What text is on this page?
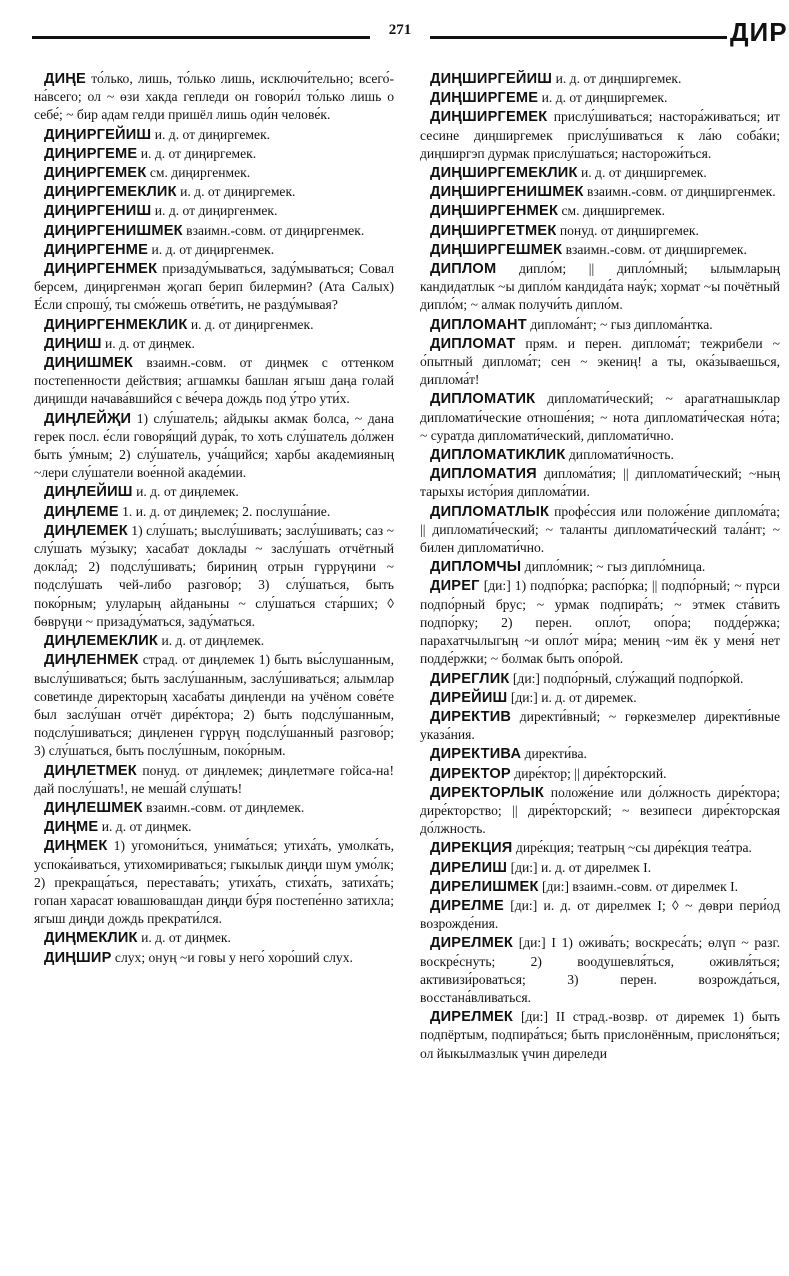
271	ДИР

ДИҢЕ то́лько, лишь, то́лько лишь, исключи́тельно; всего́-на́всего; ол ~ өзи хакда гепледи он говори́л то́лько лишь о себе́; ~ бир адам гелди пришёл лишь оди́н челове́к.

ДИҢИРГЕЙИШ и. д. от диңиргемек.

ДИҢИРГЕМЕ и. д. от диңиргемек.

ДИҢИРГЕМЕК см. диңиргенмек.

ДИҢИРГЕМЕКЛИК и. д. от диңиргемек.

ДИҢИРГЕНИШ и. д. от диңиргенмек.

ДИҢИРГЕНИШМЕК взаимн.-совм. от диңиргенмек.

ДИҢИРГЕНМЕ и. д. от диңиргенмек.

ДИҢИРГЕНМЕК призаду́мываться, заду́мываться; Совал берсем, диңиргенмән җогап берип билермин? (Ата Салых) Е́сли спрошу́, ты смо́жешь отве́тить, не разду́мывая?

ДИҢИРГЕНМЕКЛИК и. д. от диңиргенмек.

ДИҢИШ и. д. от диңмек.

ДИҢИШМЕК взаимн.-совм. от диңмек с оттенком постепенности действия; агшамкы башлан ягыш даңа голай диңишди начава́вшийся с ве́чера дождь под у́тро ути́х.

ДИҢЛЕЙҖИ 1) слу́шатель; айдыкы акмак болса, ~ дана герек посл. е́сли говоря́щий дура́к, то хоть слу́шатель до́лжен быть у́мным; 2) слу́шатель, уча́щийся; харбы академияның ~лери слу́шатели вое́нной акаде́мии.

ДИҢЛЕЙИШ и. д. от диңлемек.

ДИҢЛЕМЕ 1. и. д. от диңлемек; 2. послуша́ние.

ДИҢЛЕМЕК 1) слу́шать; выслу́шивать; заслу́шивать; саз ~ слу́шать му́зыку; хасабат доклады ~ заслу́шать отчётный докла́д; 2) подслу́шивать; бириниң отрын гүррүңини ~ подслу́шать чей-либо разгово́р; 3) слу́шаться, быть поко́рным; улуларың айданыны ~ слу́шаться ста́рших; ◊ бөврүңи ~ призаду́маться, заду́маться.

ДИҢЛЕМЕКЛИК и. д. от диңлемек.

ДИҢЛЕНМЕК страд. от диңлемек 1) быть вы́слушанным, выслу́шиваться; быть заслу́шанным, заслу́шиваться; алымлар советинде директорың хасабаты диңленди на учёном сове́те был заслу́шан отчёт дире́ктора; 2) быть подслу́шанным, подслу́шиваться; диңленен гүррүң подслу́шанный разгово́р; 3) слу́шаться, быть послу́шным, поко́рным.

ДИҢЛЕТМЕК понуд. от диңлемек; диңлетмәге гойса-на! дай послу́шать!, не меша́й слу́шать!

ДИҢЛЕШМЕК взаимн.-совм. от диңлемек.

ДИҢМЕ и. д. от диңмек.

ДИҢМЕК 1) угомони́ться, унима́ться; утиха́ть, умолка́ть, успока́иваться, утихомириваться; гыкылык диңди шум умо́лк; 2) прекраща́ться, перестава́ть; утиха́ть, стиха́ть, затиха́ть; гопан харасат ювашювашдан диңди бу́ря постепе́нно затихла; ягыш диңди дождь прекрати́лся.

ДИҢМЕКЛИК и. д. от диңмек.

ДИҢШИР слух; онуң ~и говы у него́ хоро́ший слух.

ДИҢШИРГЕЙИШ и. д. от диңширгемек.

ДИҢШИРГЕМЕ и. д. от диңширгемек.

ДИҢШИРГЕМЕК прислу́шиваться; настора́живаться; ит сесине диңширгемек прислу́шиваться к ла́ю соба́ки; диңширгэп дурмак прислу́шаться; насторожи́ться.

ДИҢШИРГЕМЕКЛИК и. д. от диңширгемек.

ДИҢШИРГЕНИШМЕК взаимн.-совм. от диңширгенмек.

ДИҢШИРГЕНМЕК см. диңширгемек.

ДИҢШИРГЕТМЕК понуд. от диңширгемек.

ДИҢШИРГЕШМЕК взаимн.-совм. от диңширгемек.

ДИПЛОМ дипло́м; || дипло́мный; ылымларың кандидатлык ~ы дипло́м кандида́та нау́к; хормат ~ы почётный дипло́м; ~ алмак получи́ть дипло́м.

ДИПЛОМАНТ диплома́нт; ~ гыз диплома́нтка.

ДИПЛОМАТ прям. и перен. диплома́т; тежрибели ~ о́пытный диплома́т; сен ~ экениң! а ты, ока́зываешься, диплома́т!

ДИПЛОМАТИК дипломати́ческий; ~ арагатнашыклар дипломати́ческие отноше́ния; ~ нота дипломати́ческая но́та; ~ суратда дипломати́ческий, дипломати́чно.

ДИПЛОМАТИКЛИК дипломати́чность.

ДИПЛОМАТИЯ диплома́тия; || дипломати́ческий; ~ның тарыхы исто́рия диплома́тии.

ДИПЛОМАТЛЫК профе́ссия или положе́ние диплома́та; || дипломати́ческий; ~ таланты дипломати́ческий тала́нт; ~ билен дипломати́чно.

ДИПЛОМЧЫ дипло́мник; ~ гыз дипло́мница.

ДИРЕГ [ди:] 1) подпо́рка; распо́рка; || подпо́рный; ~ пүрси подпо́рный брус; ~ урмак подпира́ть; ~ этмек ста́вить подпо́рку; 2) перен. опло́т, опо́ра; подде́ржка; парахатчылыгың ~и опло́т ми́ра; мениң ~им ёк у меня́ нет подде́ржки; ~ болмак быть опо́рой.

ДИРЕГЛИК [ди:] подпо́рный, слу́жащий подпо́ркой.

ДИРЕЙИШ [ди:] и. д. от диремек.

ДИРЕКТИВ директи́вный; ~ гөркезмелер директи́вные указа́ния.

ДИРЕКТИВА директи́ва.

ДИРЕКТОР дире́ктор; || дире́кторский.

ДИРЕКТОРЛЫК положе́ние или до́лжность дире́ктора; дире́кторство; || дире́кторский; ~ везипеси дире́кторская до́лжность.

ДИРЕКЦИЯ дире́кция; театрың ~сы дире́кция теа́тра.

ДИРЕЛИШ [ди:] и. д. от дирелмек I.

ДИРЕЛИШМЕК [ди:] взаимн.-совм. от дирелмек I.

ДИРЕЛМЕ [ди:] и. д. от дирелмек I; ◊ ~ дөври пери́од возрожде́ния.

ДИРЕЛМЕК [ди:] I 1) ожива́ть; воскреса́ть; өлүп ~ разг. воскре́снуть; 2) воодушевля́ться, оживля́ться; активизи́роваться; 3) перен. возрожда́ться, восстана́вливаться.

ДИРЕЛМЕК [ди:] II страд.-возвр. от диремек 1) быть подпёртым, подпира́ться; быть прислонённым, прислоня́ться; ол йыкылмазлык үчин диреледи
